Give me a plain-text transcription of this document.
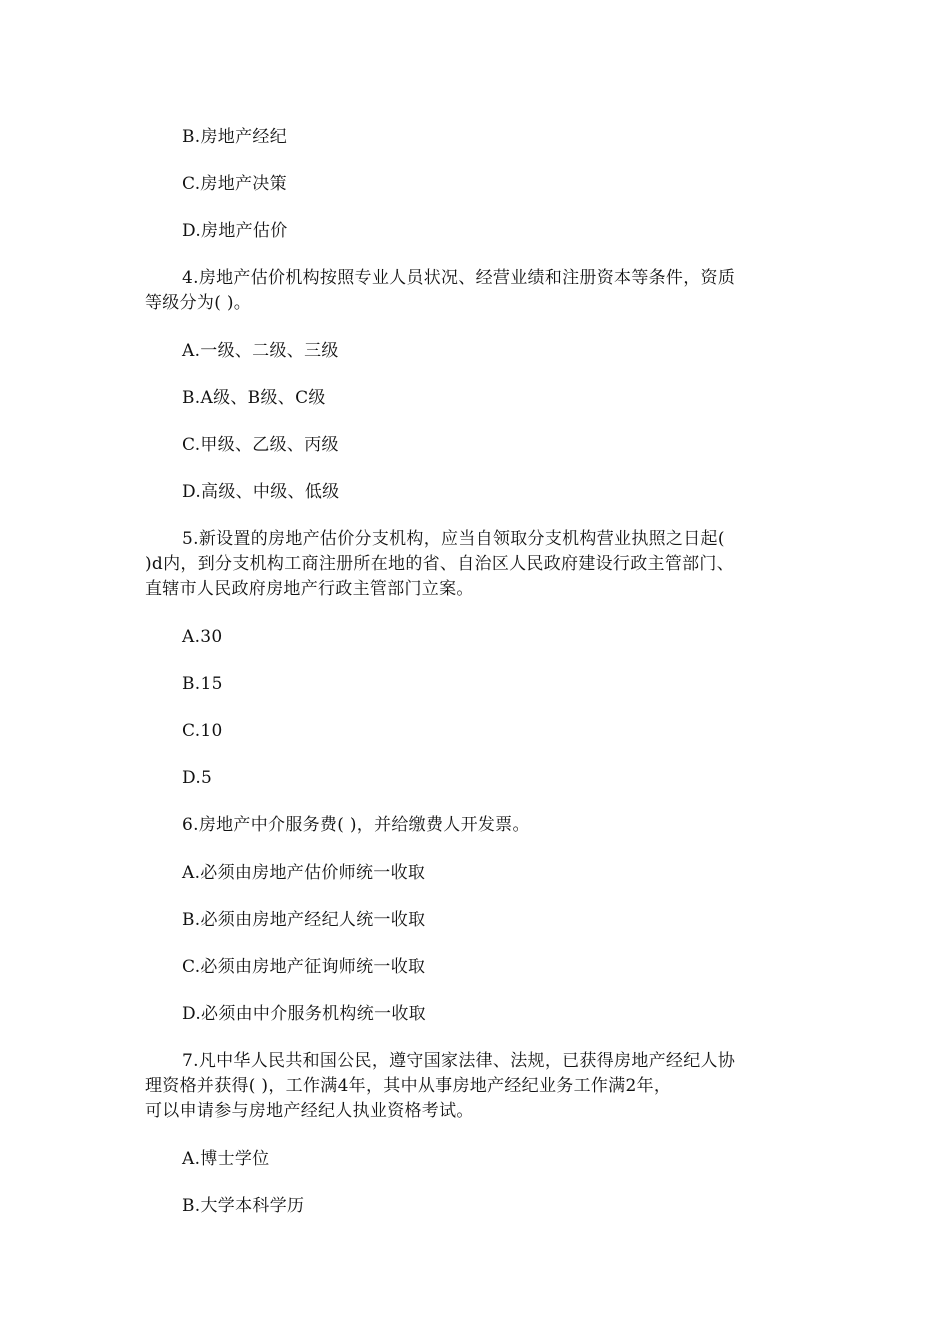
B.房地产经纪
C.房地产决策
D.房地产估价
4.房地产估价机构按照专业人员状况、经营业绩和注册资本等条件，资质
等级分为( )。
A.一级、二级、三级
B.A级、B级、C级
C.甲级、乙级、丙级
D.高级、中级、低级
5.新设置的房地产估价分支机构，应当自领取分支机构营业执照之日起(
)d内，到分支机构工商注册所在地的省、自治区人民政府建设行政主管部门、
直辖市人民政府房地产行政主管部门立案。
A.30
B.15
C.10
D.5
6.房地产中介服务费( )，并给缴费人开发票。
A.必须由房地产估价师统一收取
B.必须由房地产经纪人统一收取
C.必须由房地产征询师统一收取
D.必须由中介服务机构统一收取
7.凡中华人民共和国公民，遵守国家法律、法规，已获得房地产经纪人协
理资格并获得( )，工作满4年，其中从事房地产经纪业务工作满2年，
可以申请参与房地产经纪人执业资格考试。
A.博士学位
B.大学本科学历
